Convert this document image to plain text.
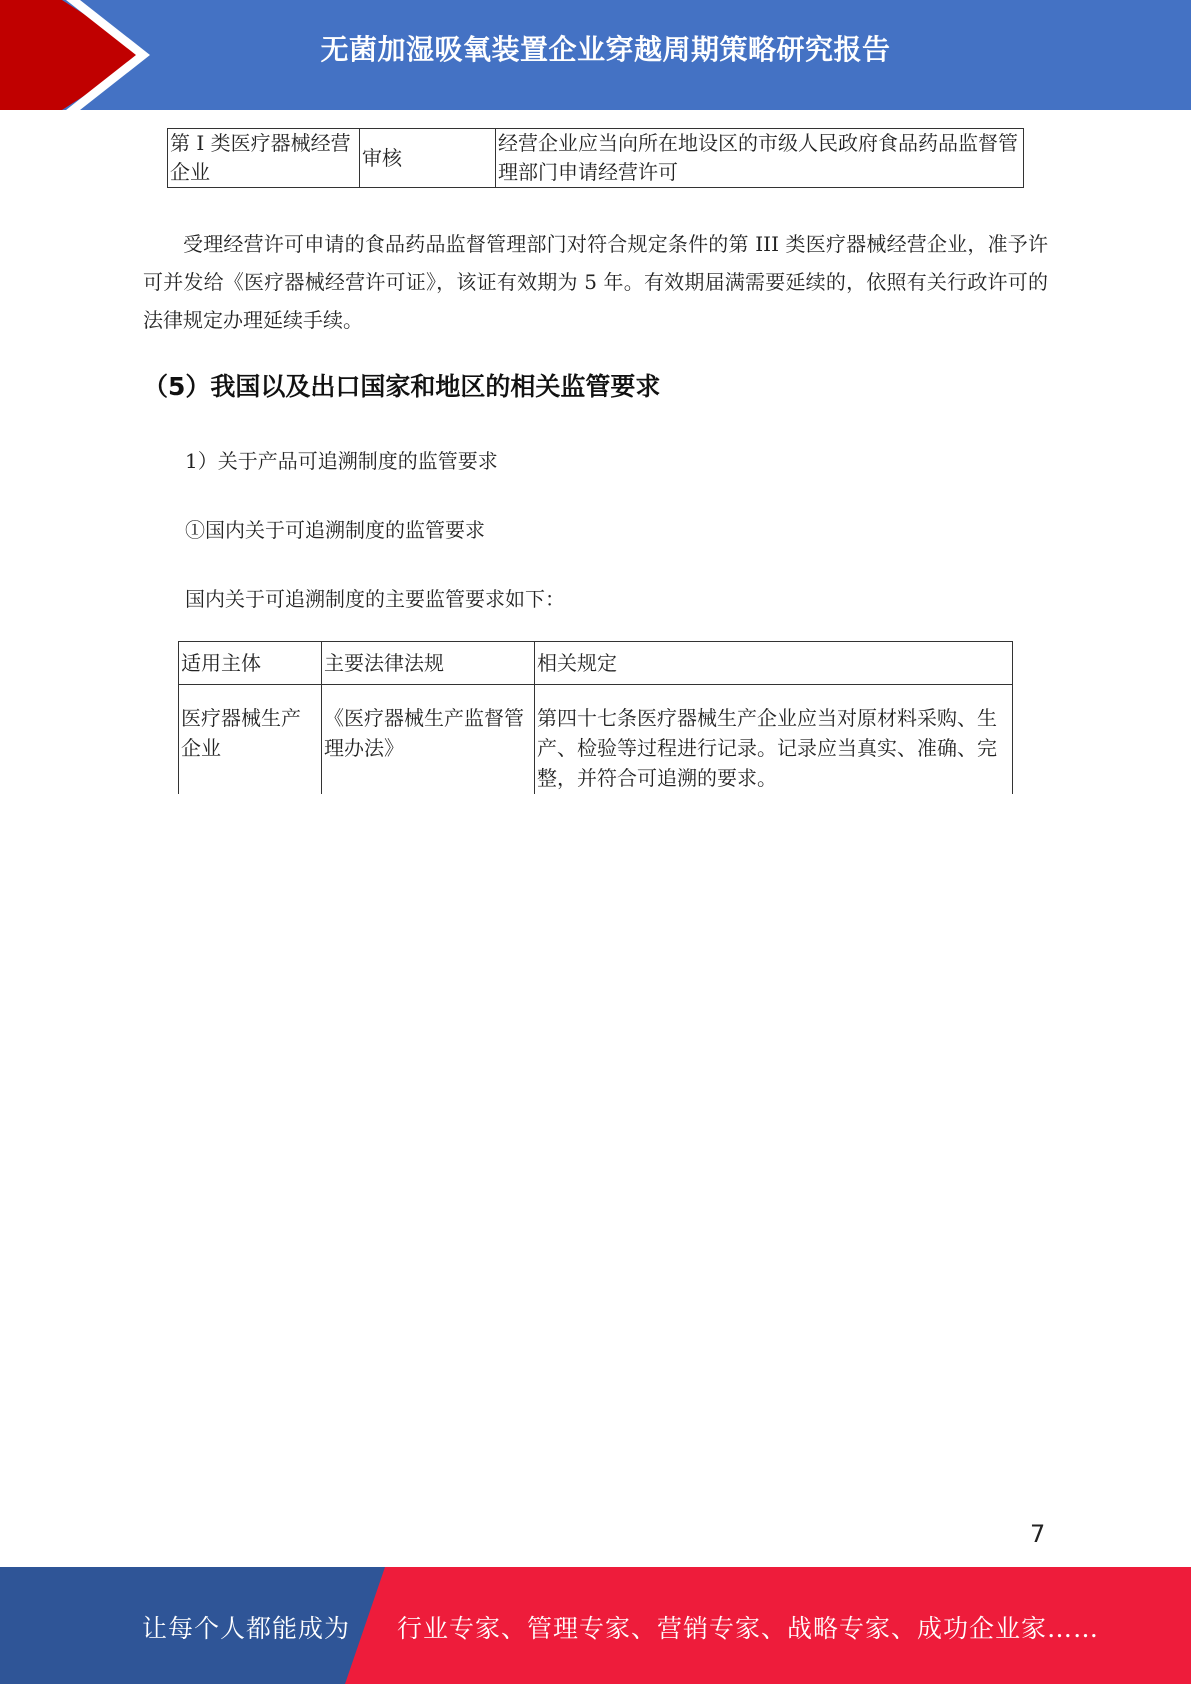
无菌加湿吸氧装置企业穿越周期策略研究报告
第 I 类医疗器械经营企业	审核	经营企业应当向所在地设区的市级人民政府食品药品监督管理部门申请经营许可

受理经营许可申请的食品药品监督管理部门对符合规定条件的第 III 类医疗器械经营企业，准予许可并发给《医疗器械经营许可证》，该证有效期为 5 年。有效期届满需要延续的，依照有关行政许可的法律规定办理延续手续。

（5）我国以及出口国家和地区的相关监管要求
1）关于产品可追溯制度的监管要求
①国内关于可追溯制度的监管要求
国内关于可追溯制度的主要监管要求如下：
适用主体	主要法律法规	相关规定
医疗器械生产企业	《医疗器械生产监督管理办法》	第四十七条医疗器械生产企业应当对原材料采购、生产、检验等过程进行记录。记录应当真实、准确、完整，并符合可追溯的要求。
7
让每个人都能成为 行业专家、管理专家、营销专家、战略专家、成功企业家……
